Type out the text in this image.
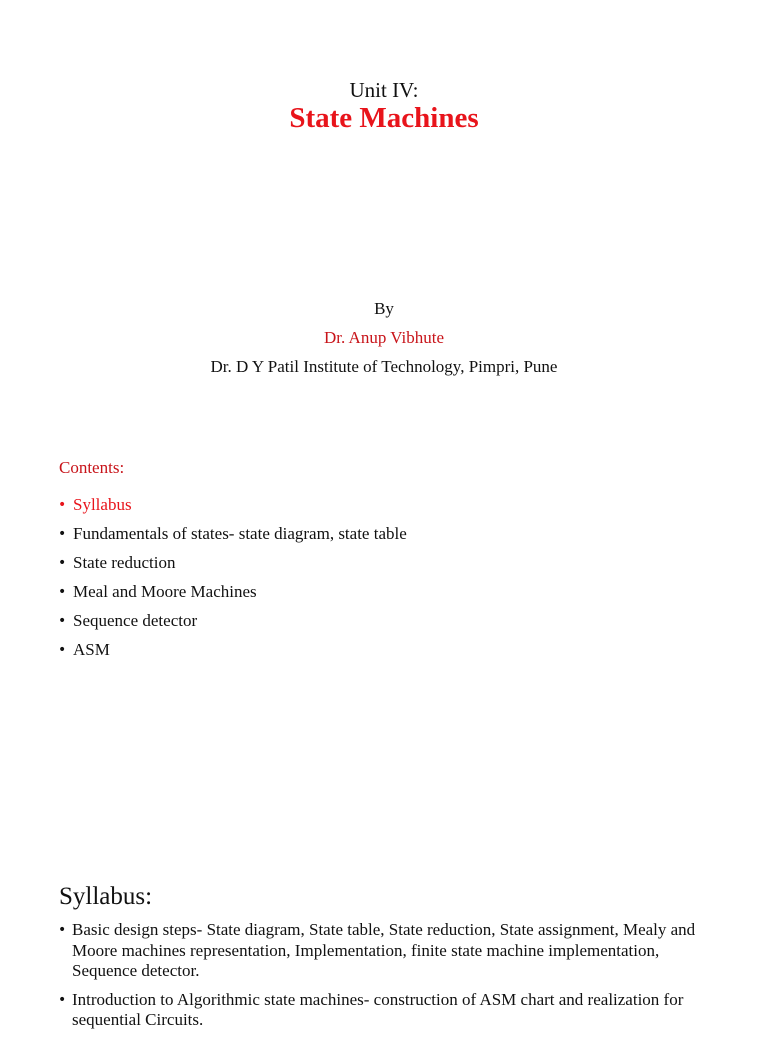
Unit IV:
State Machines
By
Dr. Anup Vibhute
Dr. D Y Patil Institute of Technology, Pimpri, Pune
Contents:
• Syllabus
• Fundamentals of states- state diagram, state table
• State reduction
• Meal and Moore Machines
• Sequence detector
• ASM
Syllabus:
• Basic design steps- State diagram, State table, State reduction, State assignment, Mealy and Moore machines representation, Implementation, finite state machine implementation, Sequence detector.
• Introduction to Algorithmic state machines- construction of ASM chart and realization for sequential Circuits.
